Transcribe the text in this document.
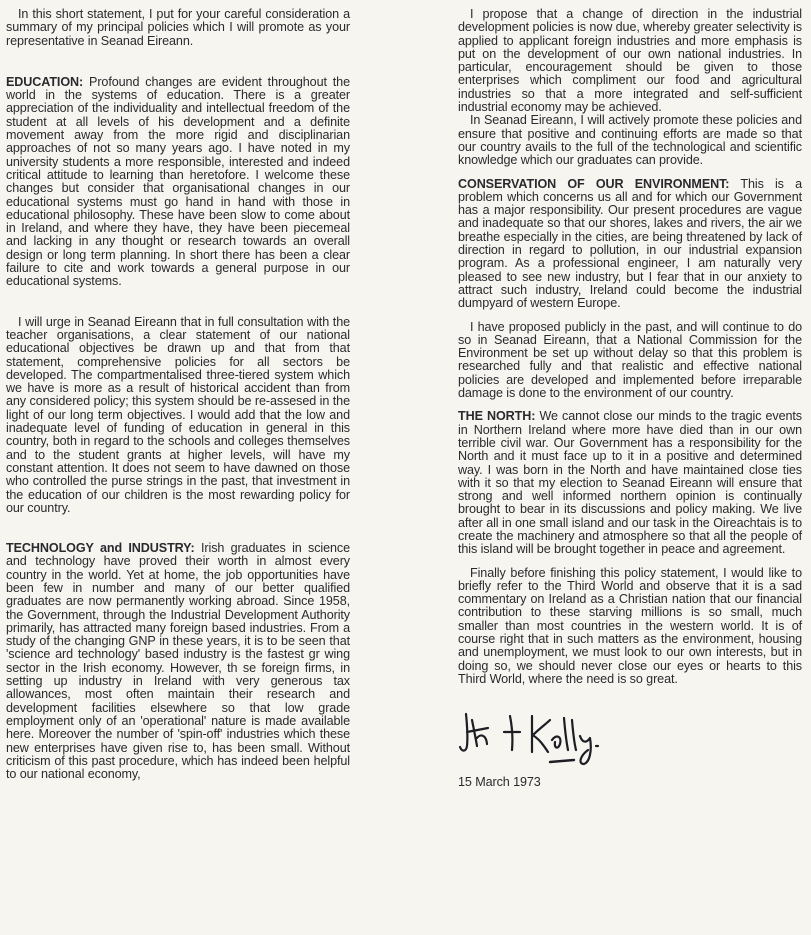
In this short statement, I put for your careful consideration a summary of my principal policies which I will promote as your representative in Seanad Eireann.

EDUCATION: Profound changes are evident throughout the world in the systems of education. There is a greater appreciation of the individuality and intellectual freedom of the student at all levels of his development and a definite movement away from the more rigid and disciplinarian approaches of not so many years ago. I have noted in my university students a more responsible, interested and indeed critical attitude to learning than heretofore. I welcome these changes but consider that organisational changes in our educational systems must go hand in hand with those in educational philosophy. These have been slow to come about in Ireland, and where they have, they have been piecemeal and lacking in any thought or research towards an overall design or long term planning. In short there has been a clear failure to cite and work towards a general purpose in our educational systems.

I will urge in Seanad Eireann that in full consultation with the teacher organisations, a clear statement of our national educational objectives be drawn up and that from that statement, comprehensive policies for all sectors be developed. The compartmentalised three-tiered system which we have is more as a result of historical accident than from any considered policy; this system should be re-assesed in the light of our long term objectives. I would add that the low and inadequate level of funding of education in general in this country, both in regard to the schools and colleges themselves and to the student grants at higher levels, will have my constant attention. It does not seem to have dawned on those who controlled the purse strings in the past, that investment in the education of our children is the most rewarding policy for our country.

TECHNOLOGY and INDUSTRY: Irish graduates in science and technology have proved their worth in almost every country in the world. Yet at home, the job opportunities have been few in number and many of our better qualified graduates are now permanently working abroad. Since 1958, the Government, through the Industrial Development Authority primarily, has attracted many foreign based industries. From a study of the changing GNP in these years, it is to be seen that 'science ard technology' based industry is the fastest gr wing sector in the Irish economy. However, th se foreign firms, in setting up industry in Ireland with very generous tax allowances, most often maintain their research and development facilities elsewhere so that low grade employment only of an 'operational' nature is made available here. Moreover the number of 'spin-off' industries which these new enterprises have given rise to, has been small. Without criticism of this past procedure, which has indeed been helpful to our national economy,

I propose that a change of direction in the industrial development policies is now due, whereby greater selectivity is applied to applicant foreign industries and more emphasis is put on the development of our own national industries. In particular, encouragement should be given to those enterprises which compliment our food and agricultural industries so that a more integrated and self-sufficient industrial economy may be achieved.

In Seanad Eireann, I will actively promote these policies and ensure that positive and continuing efforts are made so that our country avails to the full of the technological and scientific knowledge which our graduates can provide.

CONSERVATION OF OUR ENVIRONMENT: This is a problem which concerns us all and for which our Government has a major responsibility. Our present procedures are vague and inadequate so that our shores, lakes and rivers, the air we breathe especially in the cities, are being threatened by lack of direction in regard to pollution, in our industrial expansion program. As a professional engineer, I am naturally very pleased to see new industry, but I fear that in our anxiety to attract such industry, Ireland could become the industrial dumpyard of western Europe.

I have proposed publicly in the past, and will continue to do so in Seanad Eireann, that a National Commission for the Environment be set up without delay so that this problem is researched fully and that realistic and effective national policies are developed and implemented before irreparable damage is done to the environment of our country.

THE NORTH: We cannot close our minds to the tragic events in Northern Ireland where more have died than in our own terrible civil war. Our Government has a responsibility for the North and it must face up to it in a positive and determined way. I was born in the North and have maintained close ties with it so that my election to Seanad Eireann will ensure that strong and well informed northern opinion is continually brought to bear in its discussions and policy making. We live after all in one small island and our task in the Oireachtais is to create the machinery and atmosphere so that all the people of this island will be brought together in peace and agreement.

Finally before finishing this policy statement, I would like to briefly refer to the Third World and observe that it is a sad commentary on Ireland as a Christian nation that our financial contribution to these starving millions is so small, much smaller than most countries in the western world. It is of course right that in such matters as the environment, housing and unemployment, we must look to our own interests, but in doing so, we should never close our eyes or hearts to this Third World, where the need is so great.

15 March 1973
